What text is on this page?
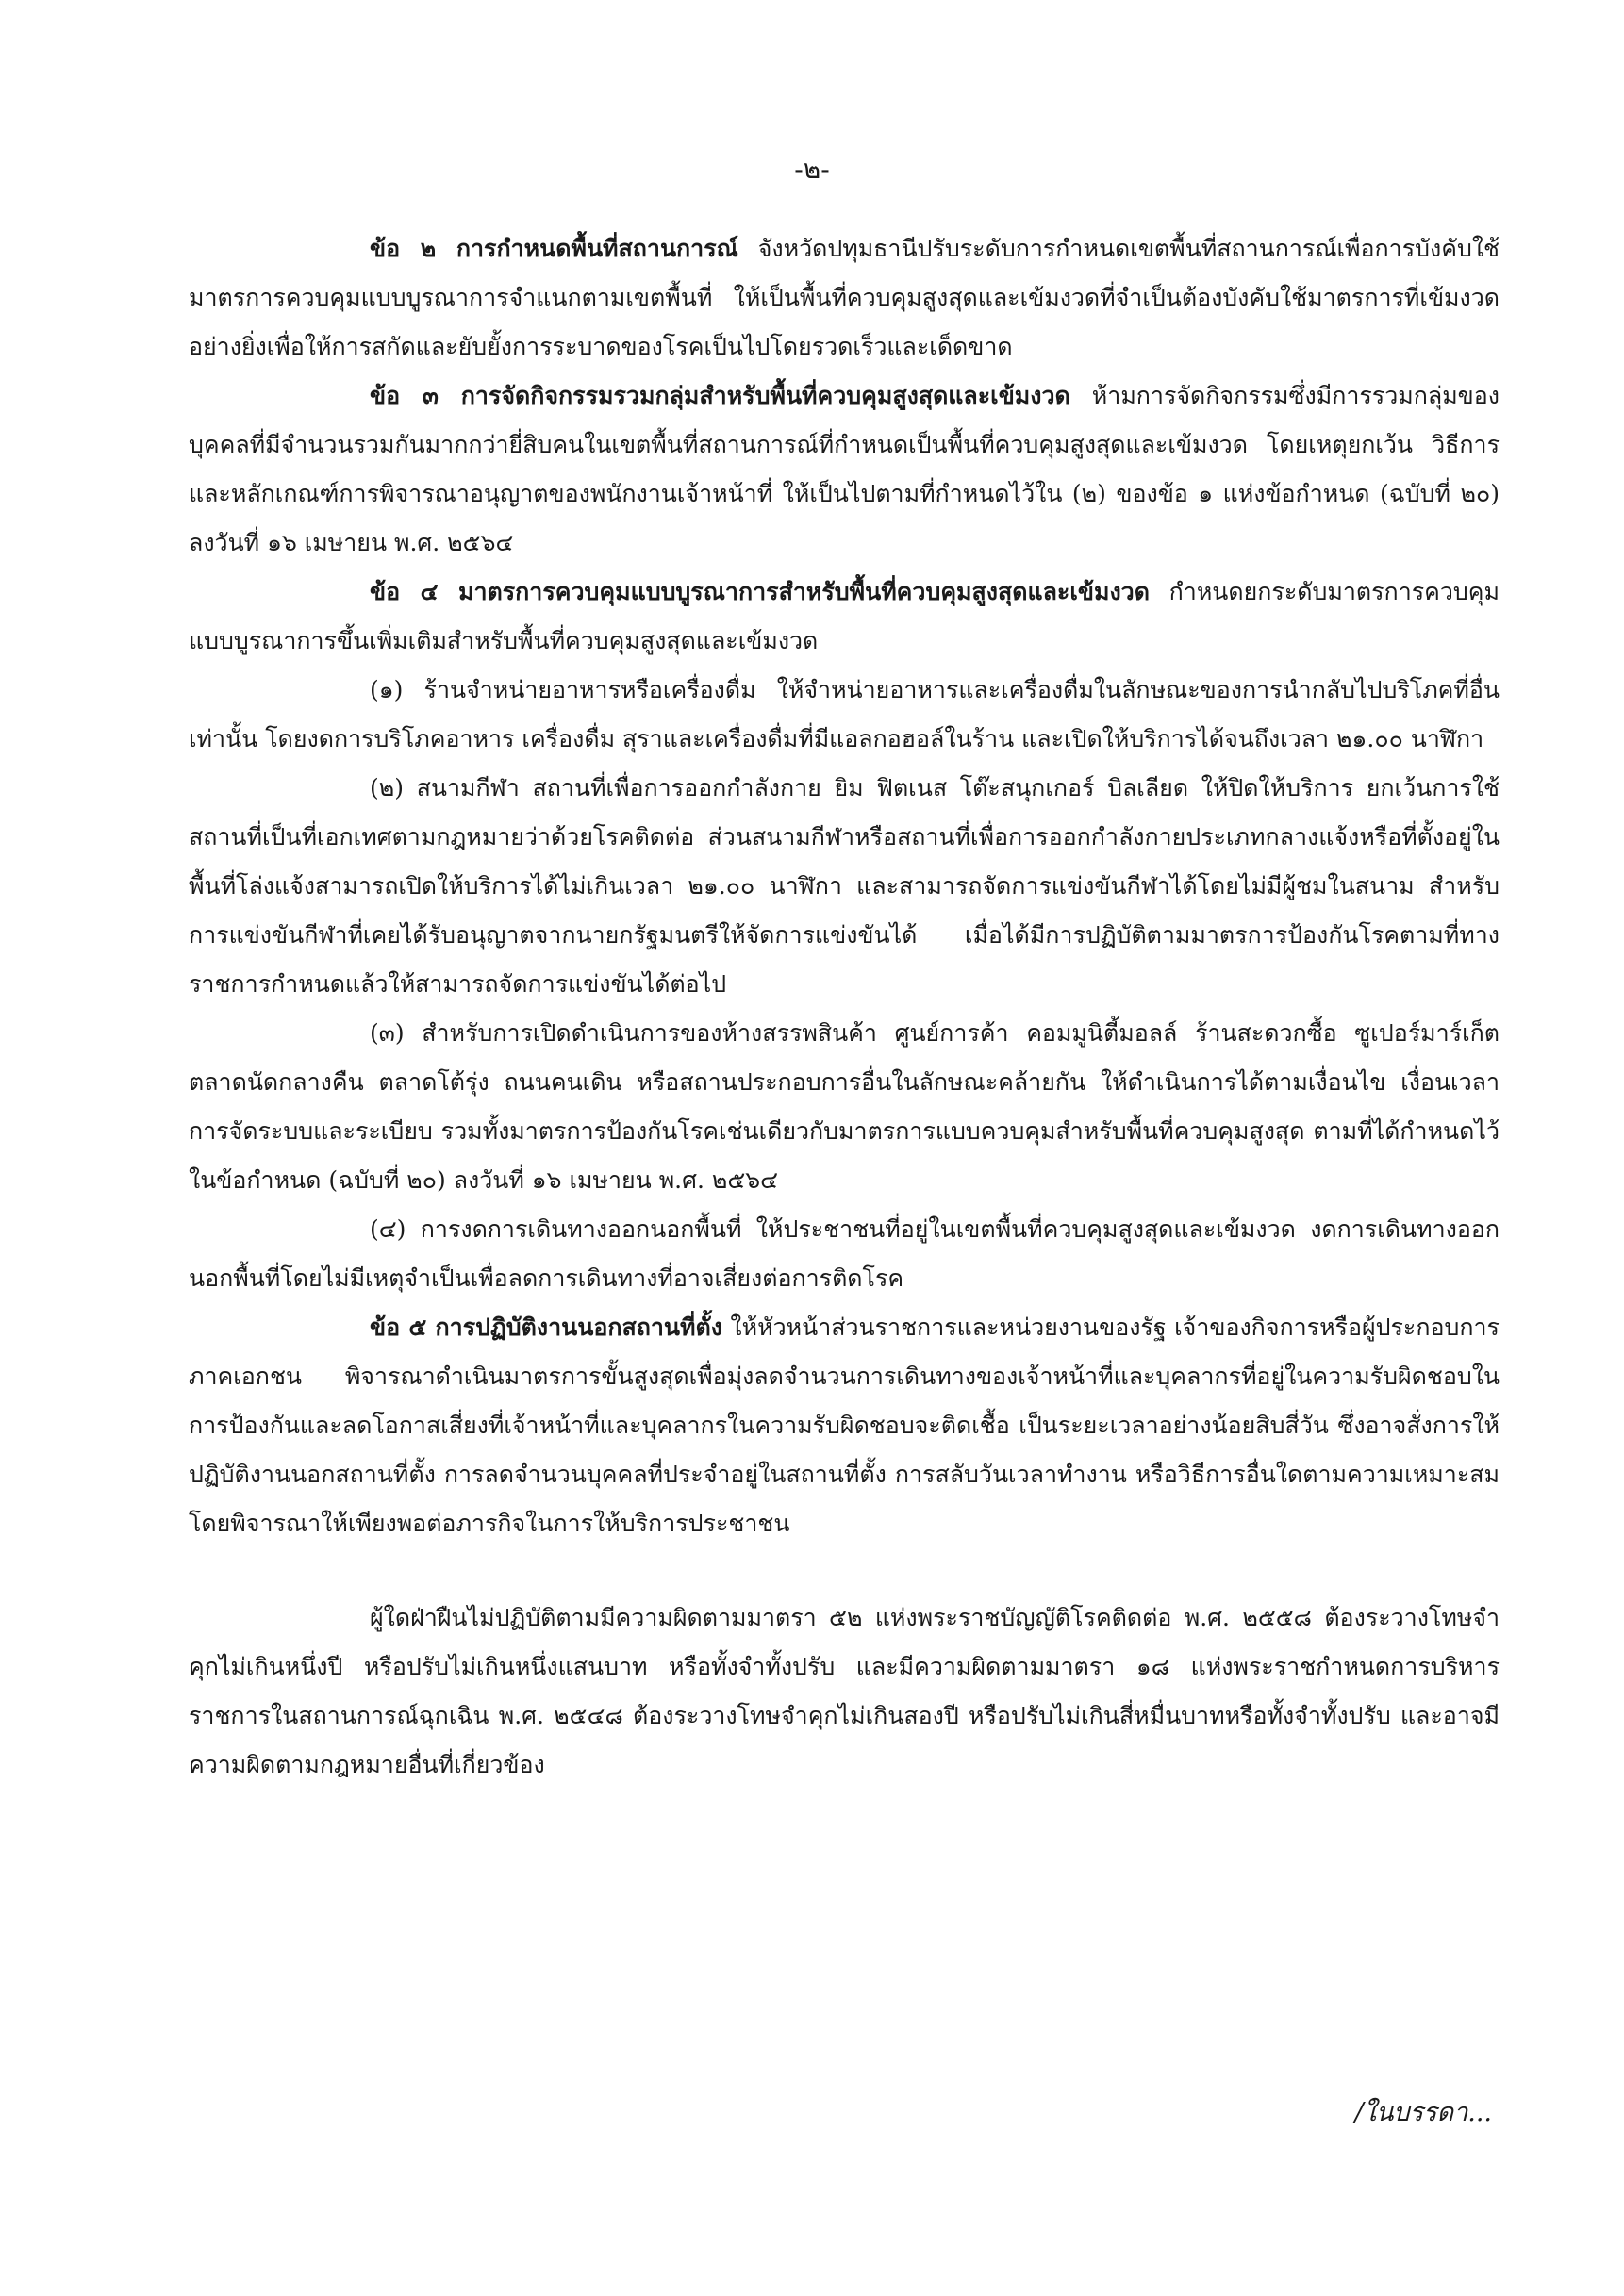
-๒-

ข้อ ๒ การกำหนดพื้นที่สถานการณ์ จังหวัดปทุมธานีปรับระดับการกำหนดเขตพื้นที่สถานการณ์เพื่อการบังคับใช้มาตรการควบคุมแบบบูรณาการจำแนกตามเขตพื้นที่ ให้เป็นพื้นที่ควบคุมสูงสุดและเข้มงวดที่จำเป็นต้องบังคับใช้มาตรการที่เข้มงวดอย่างยิ่งเพื่อให้การสกัดและยับยั้งการระบาดของโรคเป็นไปโดยรวดเร็วและเด็ดขาด

ข้อ ๓ การจัดกิจกรรมรวมกลุ่มสำหรับพื้นที่ควบคุมสูงสุดและเข้มงวด ห้ามการจัดกิจกรรมซึ่งมีการรวมกลุ่มของบุคคลที่มีจำนวนรวมกันมากกว่ายี่สิบคนในเขตพื้นที่สถานการณ์ที่กำหนดเป็นพื้นที่ควบคุมสูงสุดและเข้มงวด โดยเหตุยกเว้น วิธีการ และหลักเกณฑ์การพิจารณาอนุญาตของพนักงานเจ้าหน้าที่ ให้เป็นไปตามที่กำหนดไว้ใน (๒) ของข้อ ๑ แห่งข้อกำหนด (ฉบับที่ ๒๐) ลงวันที่ ๑๖ เมษายน พ.ศ. ๒๕๖๔

ข้อ ๔ มาตรการควบคุมแบบบูรณาการสำหรับพื้นที่ควบคุมสูงสุดและเข้มงวด กำหนดยกระดับมาตรการควบคุมแบบบูรณาการขึ้นเพิ่มเติมสำหรับพื้นที่ควบคุมสูงสุดและเข้มงวด

(๑) ร้านจำหน่ายอาหารหรือเครื่องดื่ม ให้จำหน่ายอาหารและเครื่องดื่มในลักษณะของการนำกลับไปบริโภคที่อื่นเท่านั้น โดยงดการบริโภคอาหาร เครื่องดื่ม สุราและเครื่องดื่มที่มีแอลกอฮอล์ในร้าน และเปิดให้บริการได้จนถึงเวลา ๒๑.๐๐ นาฬิกา

(๒) สนามกีฬา สถานที่เพื่อการออกกำลังกาย ยิม ฟิตเนส โต๊ะสนุกเกอร์ บิลเลียด ให้ปิดให้บริการ ยกเว้นการใช้สถานที่เป็นที่เอกเทศตามกฎหมายว่าด้วยโรคติดต่อ ส่วนสนามกีฬาหรือสถานที่เพื่อการออกกำลังกายประเภทกลางแจ้งหรือที่ตั้งอยู่ในพื้นที่โล่งแจ้งสามารถเปิดให้บริการได้ไม่เกินเวลา ๒๑.๐๐ นาฬิกา และสามารถจัดการแข่งขันกีฬาได้โดยไม่มีผู้ชมในสนาม สำหรับการแข่งขันกีฬาที่เคยได้รับอนุญาตจากนายกรัฐมนตรีให้จัดการแข่งขันได้ เมื่อได้มีการปฏิบัติตามมาตรการป้องกันโรคตามที่ทางราชการกำหนดแล้วให้สามารถจัดการแข่งขันได้ต่อไป

(๓) สำหรับการเปิดดำเนินการของห้างสรรพสินค้า ศูนย์การค้า คอมมูนิตี้มอลล์ ร้านสะดวกซื้อ ซูเปอร์มาร์เก็ต ตลาดนัดกลางคืน ตลาดโต้รุ่ง ถนนคนเดิน หรือสถานประกอบการอื่นในลักษณะคล้ายกัน ให้ดำเนินการได้ตามเงื่อนไข เงื่อนเวลา การจัดระบบและระเบียบ รวมทั้งมาตรการป้องกันโรคเช่นเดียวกับมาตรการแบบควบคุมสำหรับพื้นที่ควบคุมสูงสุด ตามที่ได้กำหนดไว้ในข้อกำหนด (ฉบับที่ ๒๐) ลงวันที่ ๑๖ เมษายน พ.ศ. ๒๕๖๔

(๔) การงดการเดินทางออกนอกพื้นที่ ให้ประชาชนที่อยู่ในเขตพื้นที่ควบคุมสูงสุดและเข้มงวด งดการเดินทางออกนอกพื้นที่โดยไม่มีเหตุจำเป็นเพื่อลดการเดินทางที่อาจเสี่ยงต่อการติดโรค

ข้อ ๕ การปฏิบัติงานนอกสถานที่ตั้ง ให้หัวหน้าส่วนราชการและหน่วยงานของรัฐ เจ้าของกิจการหรือผู้ประกอบการภาคเอกชน พิจารณาดำเนินมาตรการขั้นสูงสุดเพื่อมุ่งลดจำนวนการเดินทางของเจ้าหน้าที่และบุคลากรที่อยู่ในความรับผิดชอบในการป้องกันและลดโอกาสเสี่ยงที่เจ้าหน้าที่และบุคลากรในความรับผิดชอบจะติดเชื้อ เป็นระยะเวลาอย่างน้อยสิบสี่วัน ซึ่งอาจสั่งการให้ปฏิบัติงานนอกสถานที่ตั้ง การลดจำนวนบุคคลที่ประจำอยู่ในสถานที่ตั้ง การสลับวันเวลาทำงาน หรือวิธีการอื่นใดตามความเหมาะสมโดยพิจารณาให้เพียงพอต่อภารกิจในการให้บริการประชาชน

ผู้ใดฝ่าฝืนไม่ปฏิบัติตามมีความผิดตามมาตรา ๕๒ แห่งพระราชบัญญัติโรคติดต่อ พ.ศ. ๒๕๕๘ ต้องระวางโทษจำคุกไม่เกินหนึ่งปี หรือปรับไม่เกินหนึ่งแสนบาท หรือทั้งจำทั้งปรับ และมีความผิดตามมาตรา ๑๘ แห่งพระราชกำหนดการบริหารราชการในสถานการณ์ฉุกเฉิน พ.ศ. ๒๕๔๘ ต้องระวางโทษจำคุกไม่เกินสองปี หรือปรับไม่เกินสี่หมื่นบาทหรือทั้งจำทั้งปรับ และอาจมีความผิดตามกฎหมายอื่นที่เกี่ยวข้อง

/ในบรรดา...
